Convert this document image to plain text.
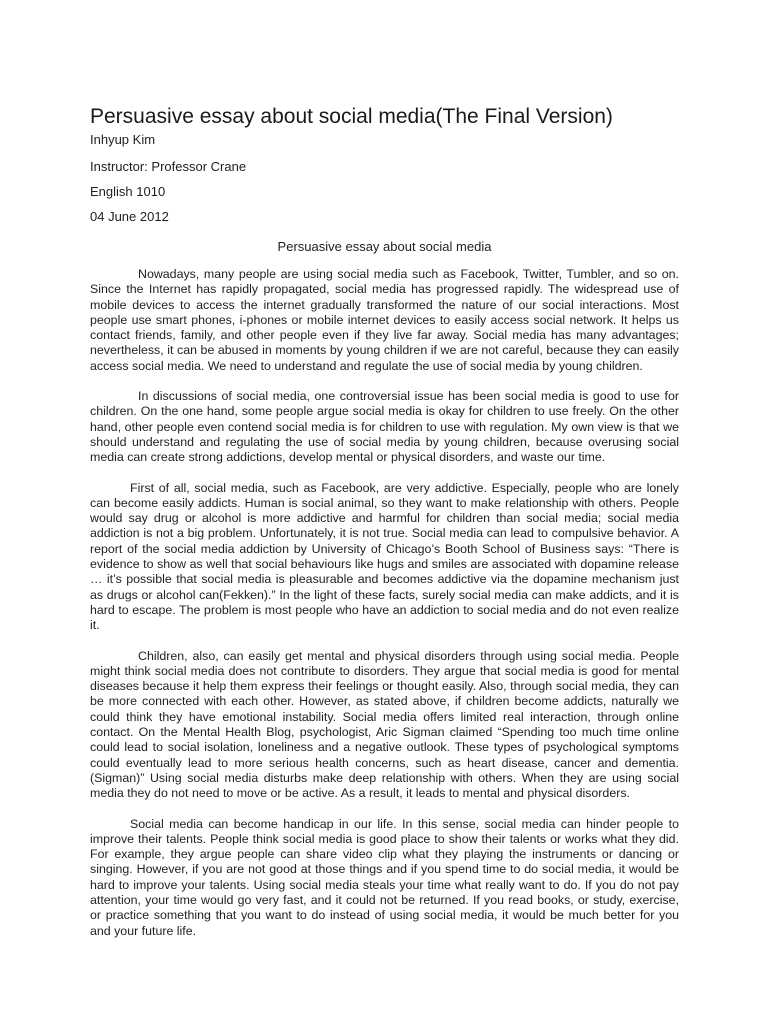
Persuasive essay about social media(The Final Version)
Inhyup Kim
Instructor: Professor Crane
English 1010
04 June 2012
Persuasive essay about social media

Nowadays, many people are using social media such as Facebook, Twitter, Tumbler, and so on. Since the Internet has rapidly propagated, social media has progressed rapidly. The widespread use of mobile devices to access the internet gradually transformed the nature of our social interactions. Most people use smart phones, i-phones or mobile internet devices to easily access social network. It helps us contact friends, family, and other people even if they live far away. Social media has many advantages; nevertheless, it can be abused in moments by young children if we are not careful, because they can easily access social media. We need to understand and regulate the use of social media by young children.

In discussions of social media, one controversial issue has been social media is good to use for children. On the one hand, some people argue social media is okay for children to use freely. On the other hand, other people even contend social media is for children to use with regulation. My own view is that we should understand and regulating the use of social media by young children, because overusing social media can create strong addictions, develop mental or physical disorders, and waste our time.

First of all, social media, such as Facebook, are very addictive. Especially, people who are lonely can become easily addicts. Human is social animal, so they want to make relationship with others. People would say drug or alcohol is more addictive and harmful for children than social media; social media addiction is not a big problem. Unfortunately, it is not true. Social media can lead to compulsive behavior. A report of the social media addiction by University of Chicago’s Booth School of Business says: “There is evidence to show as well that social behaviours like hugs and smiles are associated with dopamine release … it’s possible that social media is pleasurable and becomes addictive via the dopamine mechanism just as drugs or alcohol can(Fekken).” In the light of these facts, surely social media can make addicts, and it is hard to escape. The problem is most people who have an addiction to social media and do not even realize it.

Children, also, can easily get mental and physical disorders through using social media. People might think social media does not contribute to disorders. They argue that social media is good for mental diseases because it help them express their feelings or thought easily. Also, through social media, they can be more connected with each other. However, as stated above, if children become addicts, naturally we could think they have emotional instability. Social media offers limited real interaction, through online contact. On the Mental Health Blog, psychologist, Aric Sigman claimed “Spending too much time online could lead to social isolation, loneliness and a negative outlook. These types of psychological symptoms could eventually lead to more serious health concerns, such as heart disease, cancer and dementia.(Sigman)” Using social media disturbs make deep relationship with others. When they are using social media they do not need to move or be active. As a result, it leads to mental and physical disorders.

Social media can become handicap in our life. In this sense, social media can hinder people to improve their talents. People think social media is good place to show their talents or works what they did. For example, they argue people can share video clip what they playing the instruments or dancing or singing. However, if you are not good at those things and if you spend time to do social media, it would be hard to improve your talents. Using social media steals your time what really want to do. If you do not pay attention, your time would go very fast, and it could not be returned. If you read books, or study, exercise, or practice something that you want to do instead of using social media, it would be much better for you and your future life.
